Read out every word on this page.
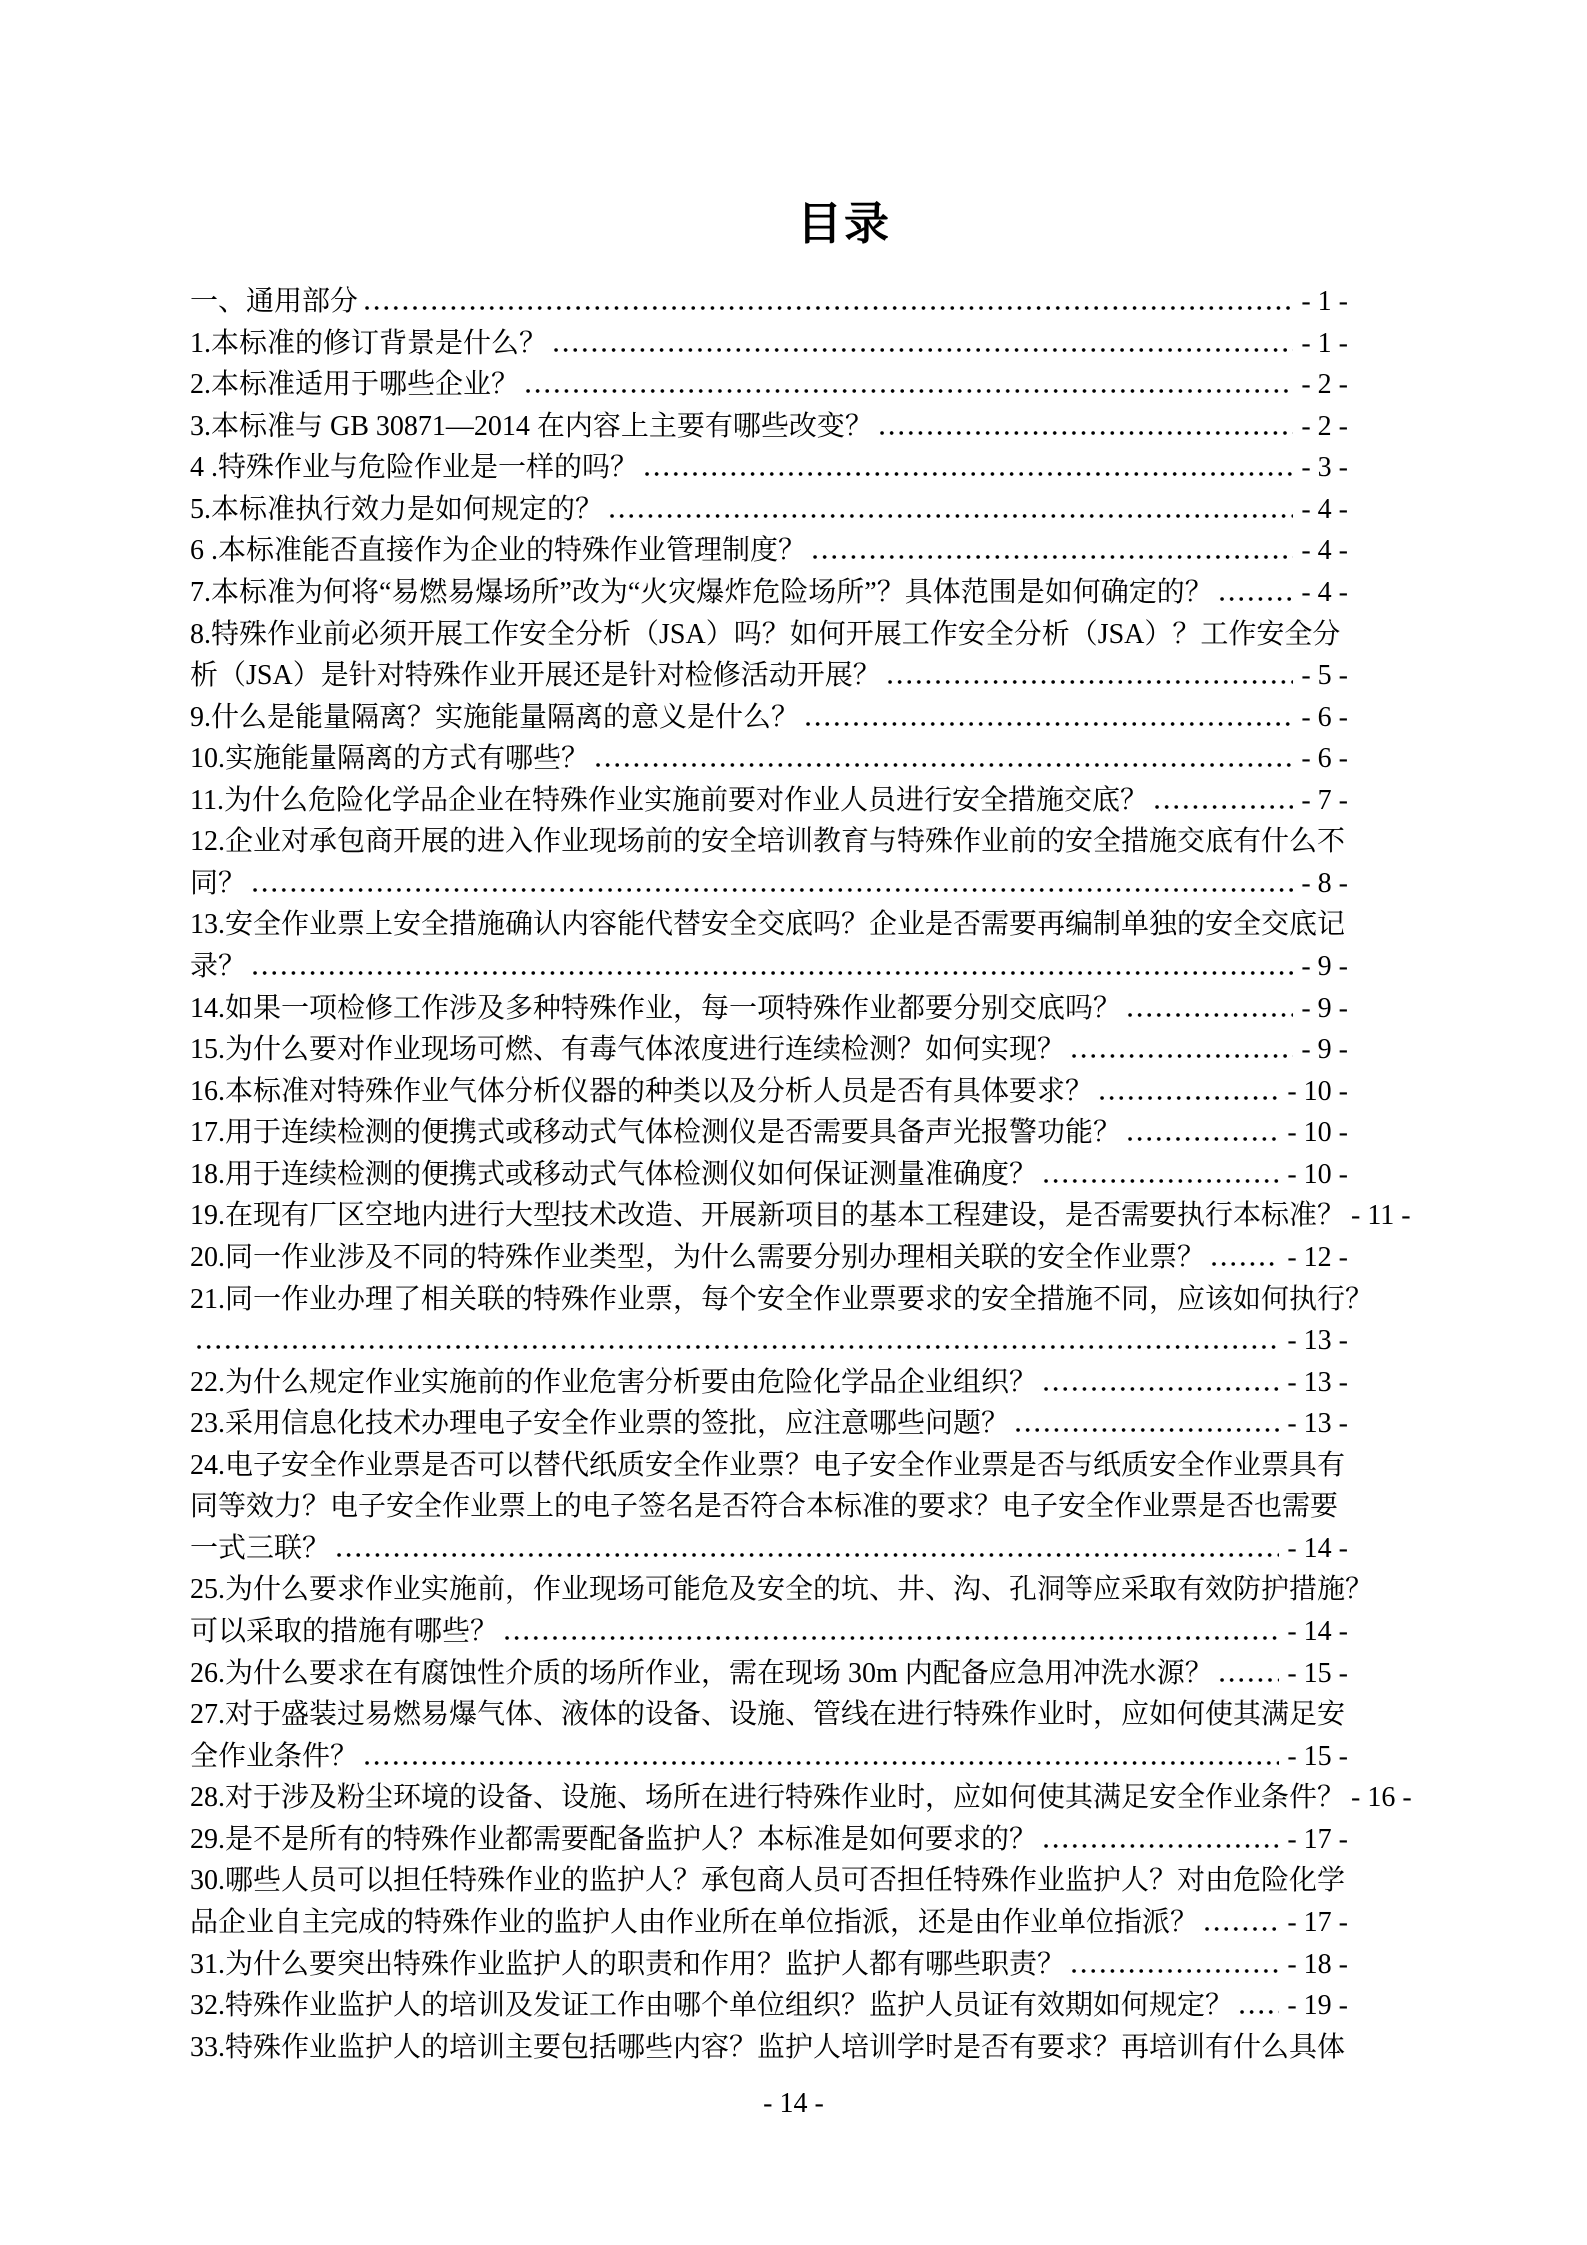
目录
一、通用部分	- 1 -
1.本标准的修订背景是什么？	- 1 -
2.本标准适用于哪些企业？	- 2 -
3.本标准与 GB 30871—2014 在内容上主要有哪些改变？	- 2 -
4 .特殊作业与危险作业是一样的吗？	- 3 -
5.本标准执行效力是如何规定的？	- 4 -
6 .本标准能否直接作为企业的特殊作业管理制度？	- 4 -
7.本标准为何将“易燃易爆场所”改为“火灾爆炸危险场所”？具体范围是如何确定的？	- 4 -
8.特殊作业前必须开展工作安全分析（JSA）吗？如何开展工作安全分析（JSA）？工作安全分
析（JSA）是针对特殊作业开展还是针对检修活动开展？	- 5 -
9.什么是能量隔离？实施能量隔离的意义是什么？	- 6 -
10.实施能量隔离的方式有哪些？	- 6 -
11.为什么危险化学品企业在特殊作业实施前要对作业人员进行安全措施交底？	- 7 -
12.企业对承包商开展的进入作业现场前的安全培训教育与特殊作业前的安全措施交底有什么不
同？	- 8 -
13.安全作业票上安全措施确认内容能代替安全交底吗？企业是否需要再编制单独的安全交底记
录？	- 9 -
14.如果一项检修工作涉及多种特殊作业，每一项特殊作业都要分别交底吗？	- 9 -
15.为什么要对作业现场可燃、有毒气体浓度进行连续检测？如何实现？	- 9 -
16.本标准对特殊作业气体分析仪器的种类以及分析人员是否有具体要求？	- 10 -
17.用于连续检测的便携式或移动式气体检测仪是否需要具备声光报警功能？	- 10 -
18.用于连续检测的便携式或移动式气体检测仪如何保证测量准确度？	- 10 -
19.在现有厂区空地内进行大型技术改造、开展新项目的基本工程建设，是否需要执行本标准？ - 11 -
20.同一作业涉及不同的特殊作业类型，为什么需要分别办理相关联的安全作业票？	- 12 -
21.同一作业办理了相关联的特殊作业票，每个安全作业票要求的安全措施不同，应该如何执行？
- 13 -
22.为什么规定作业实施前的作业危害分析要由危险化学品企业组织？	- 13 -
23.采用信息化技术办理电子安全作业票的签批，应注意哪些问题？	- 13 -
24.电子安全作业票是否可以替代纸质安全作业票？电子安全作业票是否与纸质安全作业票具有
同等效力？电子安全作业票上的电子签名是否符合本标准的要求？电子安全作业票是否也需要
一式三联？	- 14 -
25.为什么要求作业实施前，作业现场可能危及安全的坑、井、沟、孔洞等应采取有效防护措施？
可以采取的措施有哪些？	- 14 -
26.为什么要求在有腐蚀性介质的场所作业，需在现场 30m 内配备应急用冲洗水源？	- 15 -
27.对于盛装过易燃易爆气体、液体的设备、设施、管线在进行特殊作业时，应如何使其满足安
全作业条件？	- 15 -
28.对于涉及粉尘环境的设备、设施、场所在进行特殊作业时，应如何使其满足安全作业条件？ - 16 -
29.是不是所有的特殊作业都需要配备监护人？本标准是如何要求的？	- 17 -
30.哪些人员可以担任特殊作业的监护人？承包商人员可否担任特殊作业监护人？对由危险化学
品企业自主完成的特殊作业的监护人由作业所在单位指派，还是由作业单位指派？	- 17 -
31.为什么要突出特殊作业监护人的职责和作用？监护人都有哪些职责？	- 18 -
32.特殊作业监护人的培训及发证工作由哪个单位组织？监护人员证有效期如何规定？ - 19 -
33.特殊作业监护人的培训主要包括哪些内容？监护人培训学时是否有要求？再培训有什么具体
- 14 -
